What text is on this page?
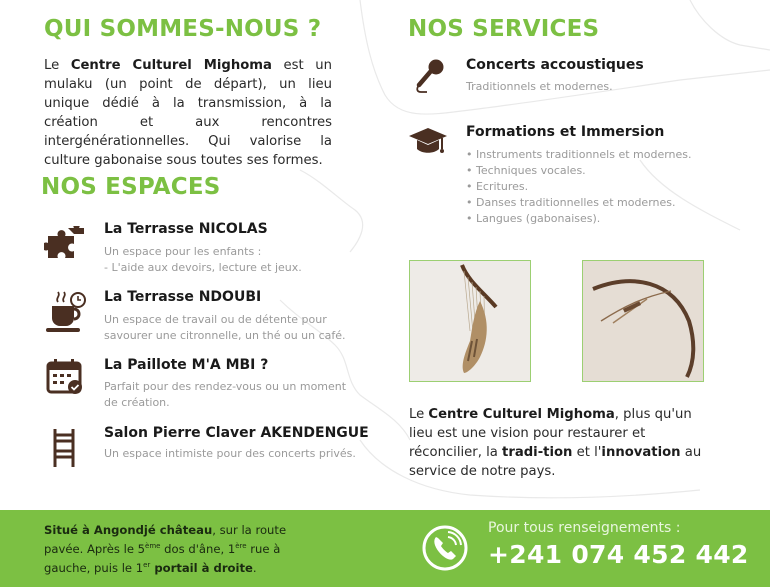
QUI SOMMES-NOUS ?

Le Centre Culturel Mighoma est un mulaku (un point de départ), un lieu unique dédié à la transmission, à la création et aux rencontres intergénérationnelles. Qui valorise la culture gabonaise sous toutes ses formes.

NOS ESPACES
La Terrasse NICOLAS
Un espace pour les enfants :
- L'aide aux devoirs, lecture et jeux.
La Terrasse NDOUBI
Un espace de travail ou de détente pour
savourer une citronnelle, un thé ou un café.
La Paillote M'A MBI ?
Parfait pour des rendez-vous ou un moment
de création.
Salon Pierre Claver AKENDENGUE
Un espace intimiste pour des concerts privés.
NOS SERVICES
Concerts accoustiques
Traditionnels et modernes.
Formations et Immersion
• Instruments traditionnels et modernes.
• Techniques vocales.
• Ecritures.
• Danses traditionnelles et modernes.
• Langues (gabonaises).

Le Centre Culturel Mighoma, plus qu'un lieu est une vision pour restaurer et réconcilier, la tradi-tion et l'innovation au service de notre pays.

Situé à Angondjé château, sur la route pavée. Après le 5ème dos d'âne, 1ère rue à gauche, puis le 1er portail à droite.
Pour tous renseignements :
+241 074 452 442
